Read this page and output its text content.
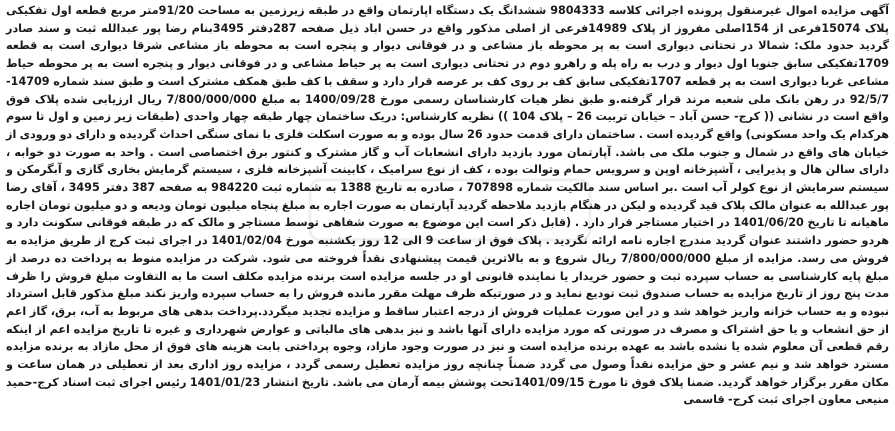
آگهی مزایده اموال غیرمنقول پرونده اجرائی کلاسه 9804333 ششدانگ یک دستگاه اپارتمان واقع در طبقه زیرزمین به مساحت 91/20متر مربع قطعه اول تفکیکی پلاک 15074فرعی از 154اصلی مفروز از پلاک 14989فرعی از اصلی مذکور واقع در حسن اباد ذیل صفحه 287دفتر 3495بنام رضا پور عبدالله ثبت و سند صادر گردید حدود ملک: شمالا در تحتانی دیواری است به پر محوطه باز مشاعی و در فوقانی دیوار و پنجره است به محوطه باز مشاعی شرقا دیواری است به قطعه 1709تفکیکی سابق جنوبا اول دیوار و درب به راه پله و راهرو دوم در تحتانی دیواری است به پر حیاط مشاعی و در فوقانی دیوار و پنجره است به پر محوطه حیاط مشاعی غربا دیواری است به پر قطعه 1707تفکیکی سابق کف بر روی کف بر عرصه قرار دارد و سقف با کف طبق همکف مشترک است و طبق سند شماره 14709-92/5/7 در رهن بانک ملی شعبه مرند قرار گرفته.و طبق نظر هیات کارشناسان رسمی مورخ 1400/09/28 به مبلغ 7/800/000/000 ریال ارزیابی شده پلاک فوق واقع است در نشانی (( کرج- حسن آباد – خیابان تربیت 26 – پلاک 104 )) نظریه کارشناس: دریک ساختمان چهار طبقه چهار واحدی (طبقات زیر زمین و اول تا سوم هرکدام یک واحد مسکونی) واقع گردیده است . ساختمان دارای قدمت حدود 26 سال بوده و به صورت اسکلت فلزی با نمای سنگی احداث گردیده و دارای دو ورودی از خیابان های واقع در شمال و جنوب ملک می باشد. آپارتمان مورد بازدید دارای انشعابات آب و گاز مشترک و کنتور برق اختصاصی است . واحد به صورت دو خوابه ، دارای سالن هال و پذیرایی ، آشپزخانه اوپن و سرویس حمام وتوالت بوده ، کف از نوع سرامیک ، کابینت آشپزخانه فلزی ، سیستم گرمایش بخاری گازی و آبگرمکن و سیستم سرمایش از نوع کولر آب است .بر اساس سند مالکیت شماره 707898 ، صادره به تاریخ 1388 به شماره ثبت 984220 به صفحه 387 دفتر 3495 ، آقای رضا پور عبدالله به عنوان مالک پلاک قید گردیده و لیکن در هنگام بازدید ملاحظه گردید آپارتمان به صورت اجاره به مبلغ پنجاه میلیون تومان ودیعه و دو میلیون تومان اجاره ماهیانه تا تاریخ 1401/06/20 در اختیار مستاجر قرار دارد . (قابل ذکر است این موضوع به صورت شفاهی توسط مستاجر و مالک که در طبقه فوقانی سکونت دارد و هردو حضور داشتند عنوان گردید مندرج اجاره نامه ارائه نگردید . پلاک فوق از ساعت 9 الی 12 روز یکشنبه مورخ 1401/02/04 در اجرای ثبت کرج از طریق مزایده به فروش می رسد. مزایده از مبلغ 7/800/000/000 ریال شروع و به بالاترین قیمت پیشنهادی نقداً فروخته می شود. شرکت در مزایده منوط به پرداخت ده درصد از مبلغ پایه کارشناسی به حساب سپرده ثبت و حضور خریدار یا نماینده قانونی او در جلسه مزایده است برنده مزایده مکلف است ما به التفاوت مبلغ فروش را ظرف مدت پنج روز از تاریخ مزایده به حساب صندوق ثبت تودیع نماید و در صورتیکه ظرف مهلت مقرر مانده فروش را به حساب سپرده واریز نکند مبلغ مذکور قابل استرداد نبوده و به حساب خزانه واریز خواهد شد و در این صورت عملیات فروش از درجه اعتبار ساقط و مزایده تجدید میگردد.پرداخت بدهی های مربوط به آب، برق، گاز اعم از حق انشعاب و یا حق اشتراک و مصرف در صورتی که مورد مزایده دارای آنها باشد و نیز بدهی های مالیاتی و عوارض شهرداری و غیره تا تاریخ مزایده اعم از اینکه رقم قطعی آن معلوم شده یا نشده باشد به عهده برنده مزایده است و نیز در صورت وجود مازاد، وجوه پرداختی بابت هزینه های فوق از محل مازاد به برنده مزایده مسترد خواهد شد و نیم عشر و حق مزایده نقداً وصول می گردد ضمناً چنانچه روز مزایده تعطیل رسمی گردد ، مزایده روز اداری بعد از تعطیلی در همان ساعت و مکان مقرر برگزار خواهد گردید. ضمنا پلاک فوق تا مورخ 1401/09/15تحت پوشش بیمه آرمان می باشد. تاریخ انتشار 1401/01/23 رئیس اجرای ثبت اسناد کرج-حمید منیعی معاون اجرای ثبت کرج- قاسمی
